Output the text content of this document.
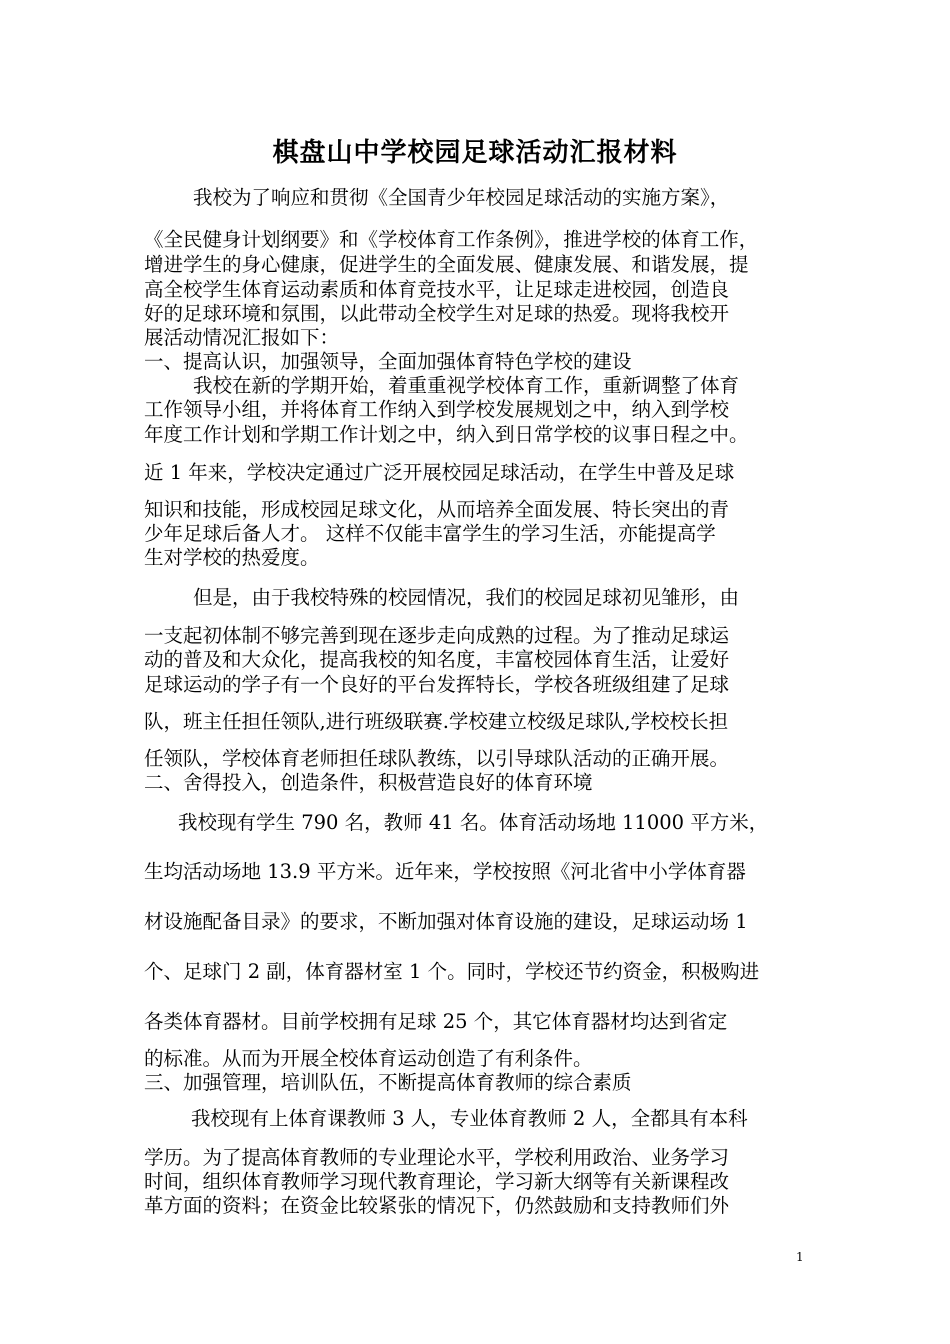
棋盘山中学校园足球活动汇报材料
我校为了响应和贯彻《全国青少年校园足球活动的实施方案》，
《全民健身计划纲要》和《学校体育工作条例》，推进学校的体育工作，
增进学生的身心健康，促进学生的全面发展、健康发展、和谐发展，提
高全校学生体育运动素质和体育竞技水平，让足球走进校园，创造良
好的足球环境和氛围，以此带动全校学生对足球的热爱。现将我校开
展活动情况汇报如下：
一、提高认识，加强领导，全面加强体育特色学校的建设
我校在新的学期开始，着重重视学校体育工作，重新调整了体育
工作领导小组，并将体育工作纳入到学校发展规划之中，纳入到学校
年度工作计划和学期工作计划之中，纳入到日常学校的议事日程之中。
近 1 年来，学校决定通过广泛开展校园足球活动，在学生中普及足球
知识和技能，形成校园足球文化，从而培养全面发展、特长突出的青
少年足球后备人才。 这样不仅能丰富学生的学习生活，亦能提高学
生对学校的热爱度。
但是，由于我校特殊的校园情况，我们的校园足球初见雏形，由
一支起初体制不够完善到现在逐步走向成熟的过程。为了推动足球运
动的普及和大众化，提高我校的知名度，丰富校园体育生活，让爱好
足球运动的学子有一个良好的平台发挥特长，学校各班级组建了足球
队，班主任担任领队,进行班级联赛.学校建立校级足球队,学校校长担
任领队，学校体育老师担任球队教练，以引导球队活动的正确开展。
二、舍得投入，创造条件，积极营造良好的体育环境
我校现有学生 790 名，教师 41 名。体育活动场地 11000 平方米，
生均活动场地 13.9 平方米。近年来，学校按照《河北省中小学体育器
材设施配备目录》的要求，不断加强对体育设施的建设，足球运动场 1
个、足球门 2 副，体育器材室 1 个。同时，学校还节约资金，积极购进
各类体育器材。目前学校拥有足球 25 个，其它体育器材均达到省定
的标准。从而为开展全校体育运动创造了有利条件。
三、加强管理，培训队伍，不断提高体育教师的综合素质
我校现有上体育课教师 3 人，专业体育教师 2 人，全都具有本科
学历。为了提高体育教师的专业理论水平，学校利用政治、业务学习
时间，组织体育教师学习现代教育理论，学习新大纲等有关新课程改
革方面的资料；在资金比较紧张的情况下，仍然鼓励和支持教师们外
1
